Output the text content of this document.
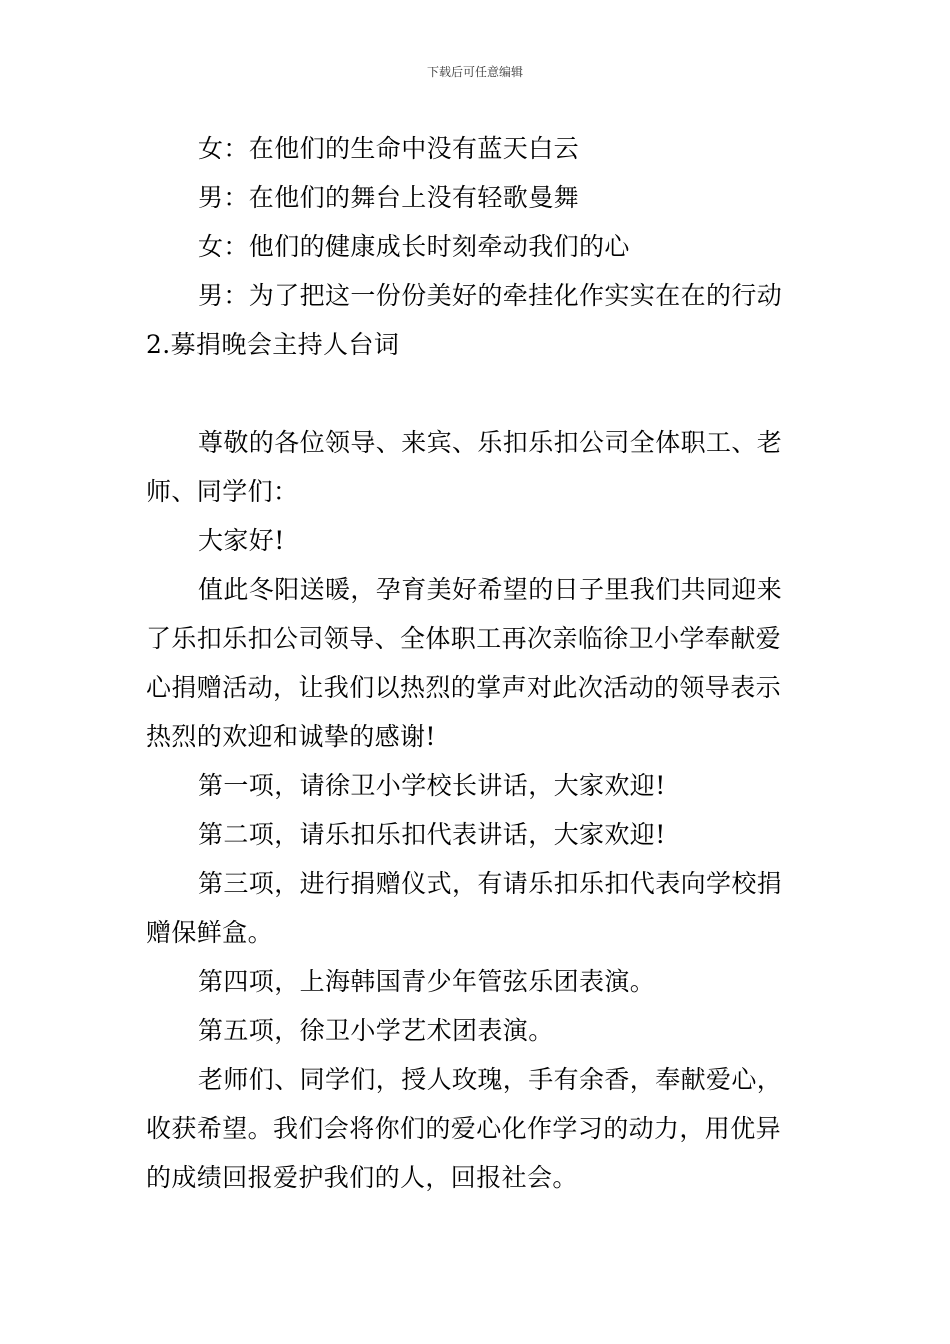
下载后可任意编辑

女：在他们的生命中没有蓝天白云

男：在他们的舞台上没有轻歌曼舞

女：他们的健康成长时刻牵动我们的心

男：为了把这一份份美好的牵挂化作实实在在的行动

2.募捐晚会主持人台词

尊敬的各位领导、来宾、乐扣乐扣公司全体职工、老
师、同学们：

大家好!

值此冬阳送暖，孕育美好希望的日子里我们共同迎来
了乐扣乐扣公司领导、全体职工再次亲临徐卫小学奉献爱
心捐赠活动，让我们以热烈的掌声对此次活动的领导表示
热烈的欢迎和诚挚的感谢!

第一项，请徐卫小学校长讲话，大家欢迎!

第二项，请乐扣乐扣代表讲话，大家欢迎!

第三项，进行捐赠仪式，有请乐扣乐扣代表向学校捐
赠保鲜盒。

第四项，上海韩国青少年管弦乐团表演。

第五项，徐卫小学艺术团表演。

老师们、同学们，授人玫瑰，手有余香，奉献爱心，
收获希望。我们会将你们的爱心化作学习的动力，用优异
的成绩回报爱护我们的人，回报社会。
